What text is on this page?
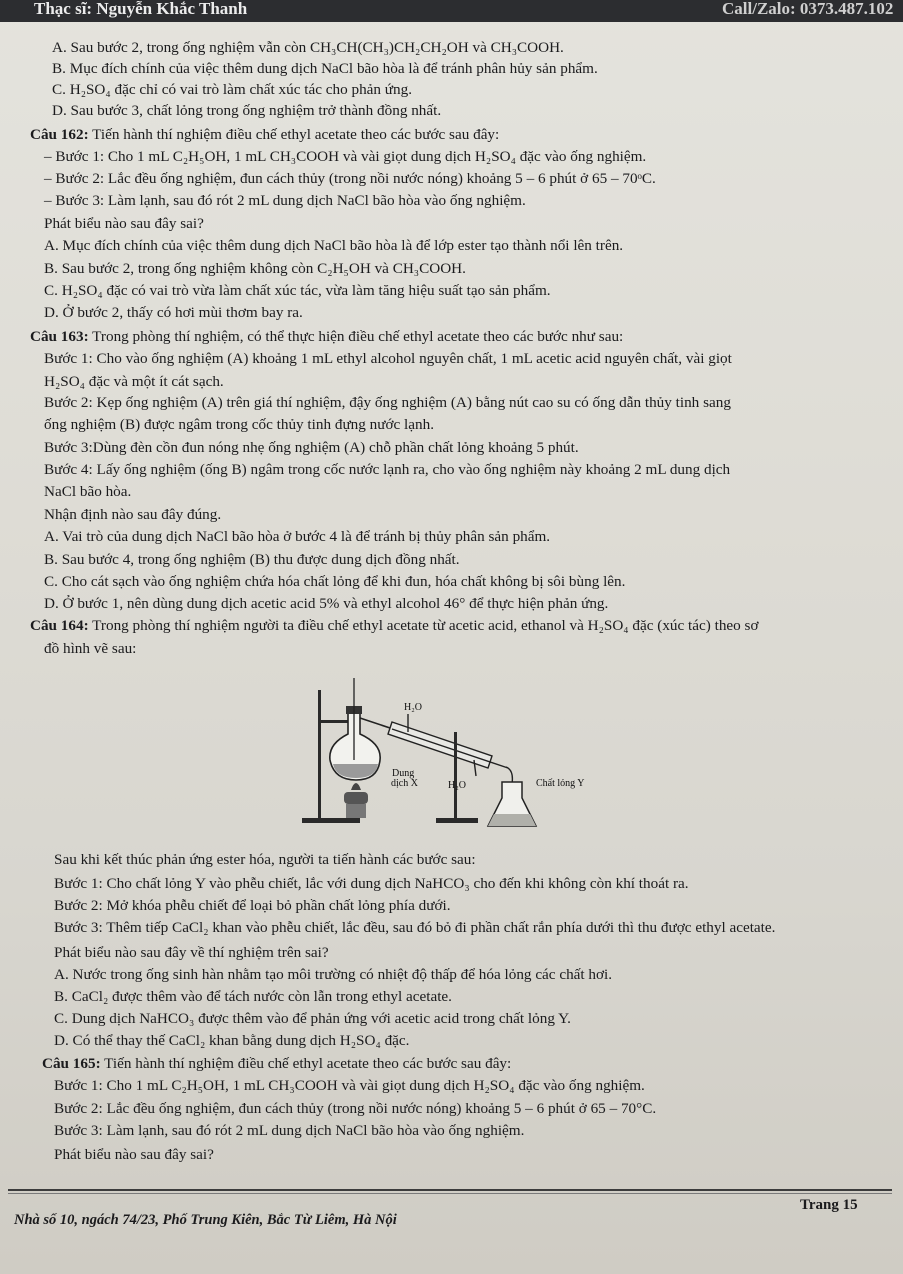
Thạc sĩ: Nguyễn Khắc Thanh	Call/Zalo: 0373.487.102
A. Sau bước 2, trong ống nghiệm vẫn còn CH₃CH(CH₃)CH₂CH₂OH và CH₃COOH.
B. Mục đích chính của việc thêm dung dịch NaCl bão hòa là để tránh phân hủy sản phẩm.
C. H₂SO₄ đặc chỉ có vai trò làm chất xúc tác cho phản ứng.
D. Sau bước 3, chất lỏng trong ống nghiệm trở thành đồng nhất.
Câu 162: Tiến hành thí nghiệm điều chế ethyl acetate theo các bước sau đây:
– Bước 1: Cho 1 mL C₂H₅OH, 1 mL CH₃COOH và vài giọt dung dịch H₂SO₄ đặc vào ống nghiệm.
– Bước 2: Lắc đều ống nghiệm, đun cách thủy (trong nồi nước nóng) khoảng 5 – 6 phút ở 65 – 70ᵒC.
– Bước 3: Làm lạnh, sau đó rót 2 mL dung dịch NaCl bão hòa vào ống nghiệm.
Phát biểu nào sau đây sai?
A. Mục đích chính của việc thêm dung dịch NaCl bão hòa là để lớp ester tạo thành nổi lên trên.
B. Sau bước 2, trong ống nghiệm không còn C₂H₅OH và CH₃COOH.
C. H₂SO₄ đặc có vai trò vừa làm chất xúc tác, vừa làm tăng hiệu suất tạo sản phẩm.
D. Ở bước 2, thấy có hơi mùi thơm bay ra.
Câu 163: Trong phòng thí nghiệm, có thể thực hiện điều chế ethyl acetate theo các bước như sau:
Bước 1: Cho vào ống nghiệm (A) khoảng 1 mL ethyl alcohol nguyên chất, 1 mL acetic acid nguyên chất, vài giọt
H₂SO₄ đặc và một ít cát sạch.
Bước 2: Kẹp ống nghiệm (A) trên giá thí nghiệm, đậy ống nghiệm (A) bằng nút cao su có ống dẫn thủy tinh sang
ống nghiệm (B) được ngâm trong cốc thủy tinh đựng nước lạnh.
Bước 3:Dùng đèn cồn đun nóng nhẹ ống nghiệm (A) chỗ phần chất lỏng khoảng 5 phút.
Bước 4: Lấy ống nghiệm (ống B) ngâm trong cốc nước lạnh ra, cho vào ống nghiệm này khoảng 2 mL dung dịch
NaCl bão hòa.
Nhận định nào sau đây đúng.
A. Vai trò của dung dịch NaCl bão hòa ở bước 4 là để tránh bị thủy phân sản phẩm.
B. Sau bước 4, trong ống nghiệm (B) thu được dung dịch đồng nhất.
C. Cho cát sạch vào ống nghiệm chứa hóa chất lỏng để khi đun, hóa chất không bị sôi bùng lên.
D. Ở bước 1, nên dùng dung dịch acetic acid 5% và ethyl alcohol 46° để thực hiện phản ứng.
Câu 164: Trong phòng thí nghiệm người ta điều chế ethyl acetate từ acetic acid, ethanol và H₂SO₄ đặc (xúc tác) theo sơ
đồ hình vẽ sau:
Sau khi kết thúc phản ứng ester hóa, người ta tiến hành các bước sau:
Bước 1: Cho chất lỏng Y vào phễu chiết, lắc với dung dịch NaHCO₃ cho đến khi không còn khí thoát ra.
Bước 2: Mở khóa phễu chiết để loại bỏ phần chất lỏng phía dưới.
Bước 3: Thêm tiếp CaCl₂ khan vào phễu chiết, lắc đều, sau đó bỏ đi phần chất rắn phía dưới thì thu được ethyl acetate.
Phát biểu nào sau đây về thí nghiệm trên sai?
A. Nước trong ống sinh hàn nhằm tạo môi trường có nhiệt độ thấp để hóa lỏng các chất hơi.
B. CaCl₂ được thêm vào để tách nước còn lẫn trong ethyl acetate.
C. Dung dịch NaHCO₃ được thêm vào để phản ứng với acetic acid trong chất lỏng Y.
D. Có thể thay thế CaCl₂ khan bằng dung dịch H₂SO₄ đặc.
Câu 165: Tiến hành thí nghiệm điều chế ethyl acetate theo các bước sau đây:
Bước 1: Cho 1 mL C₂H₅OH, 1 mL CH₃COOH và vài giọt dung dịch H₂SO₄ đặc vào ống nghiệm.
Bước 2: Lắc đều ống nghiệm, đun cách thủy (trong nồi nước nóng) khoảng 5 – 6 phút ở 65 – 70°C.
Bước 3: Làm lạnh, sau đó rót 2 mL dung dịch NaCl bão hòa vào ống nghiệm.
Phát biểu nào sau đây sai?
H₂O
Dung
dịch X	H₂O	Chất lỏng Y
Nhà số 10, ngách 74/23, Phố Trung Kiên, Bắc Từ Liêm, Hà Nội
Trang 15
